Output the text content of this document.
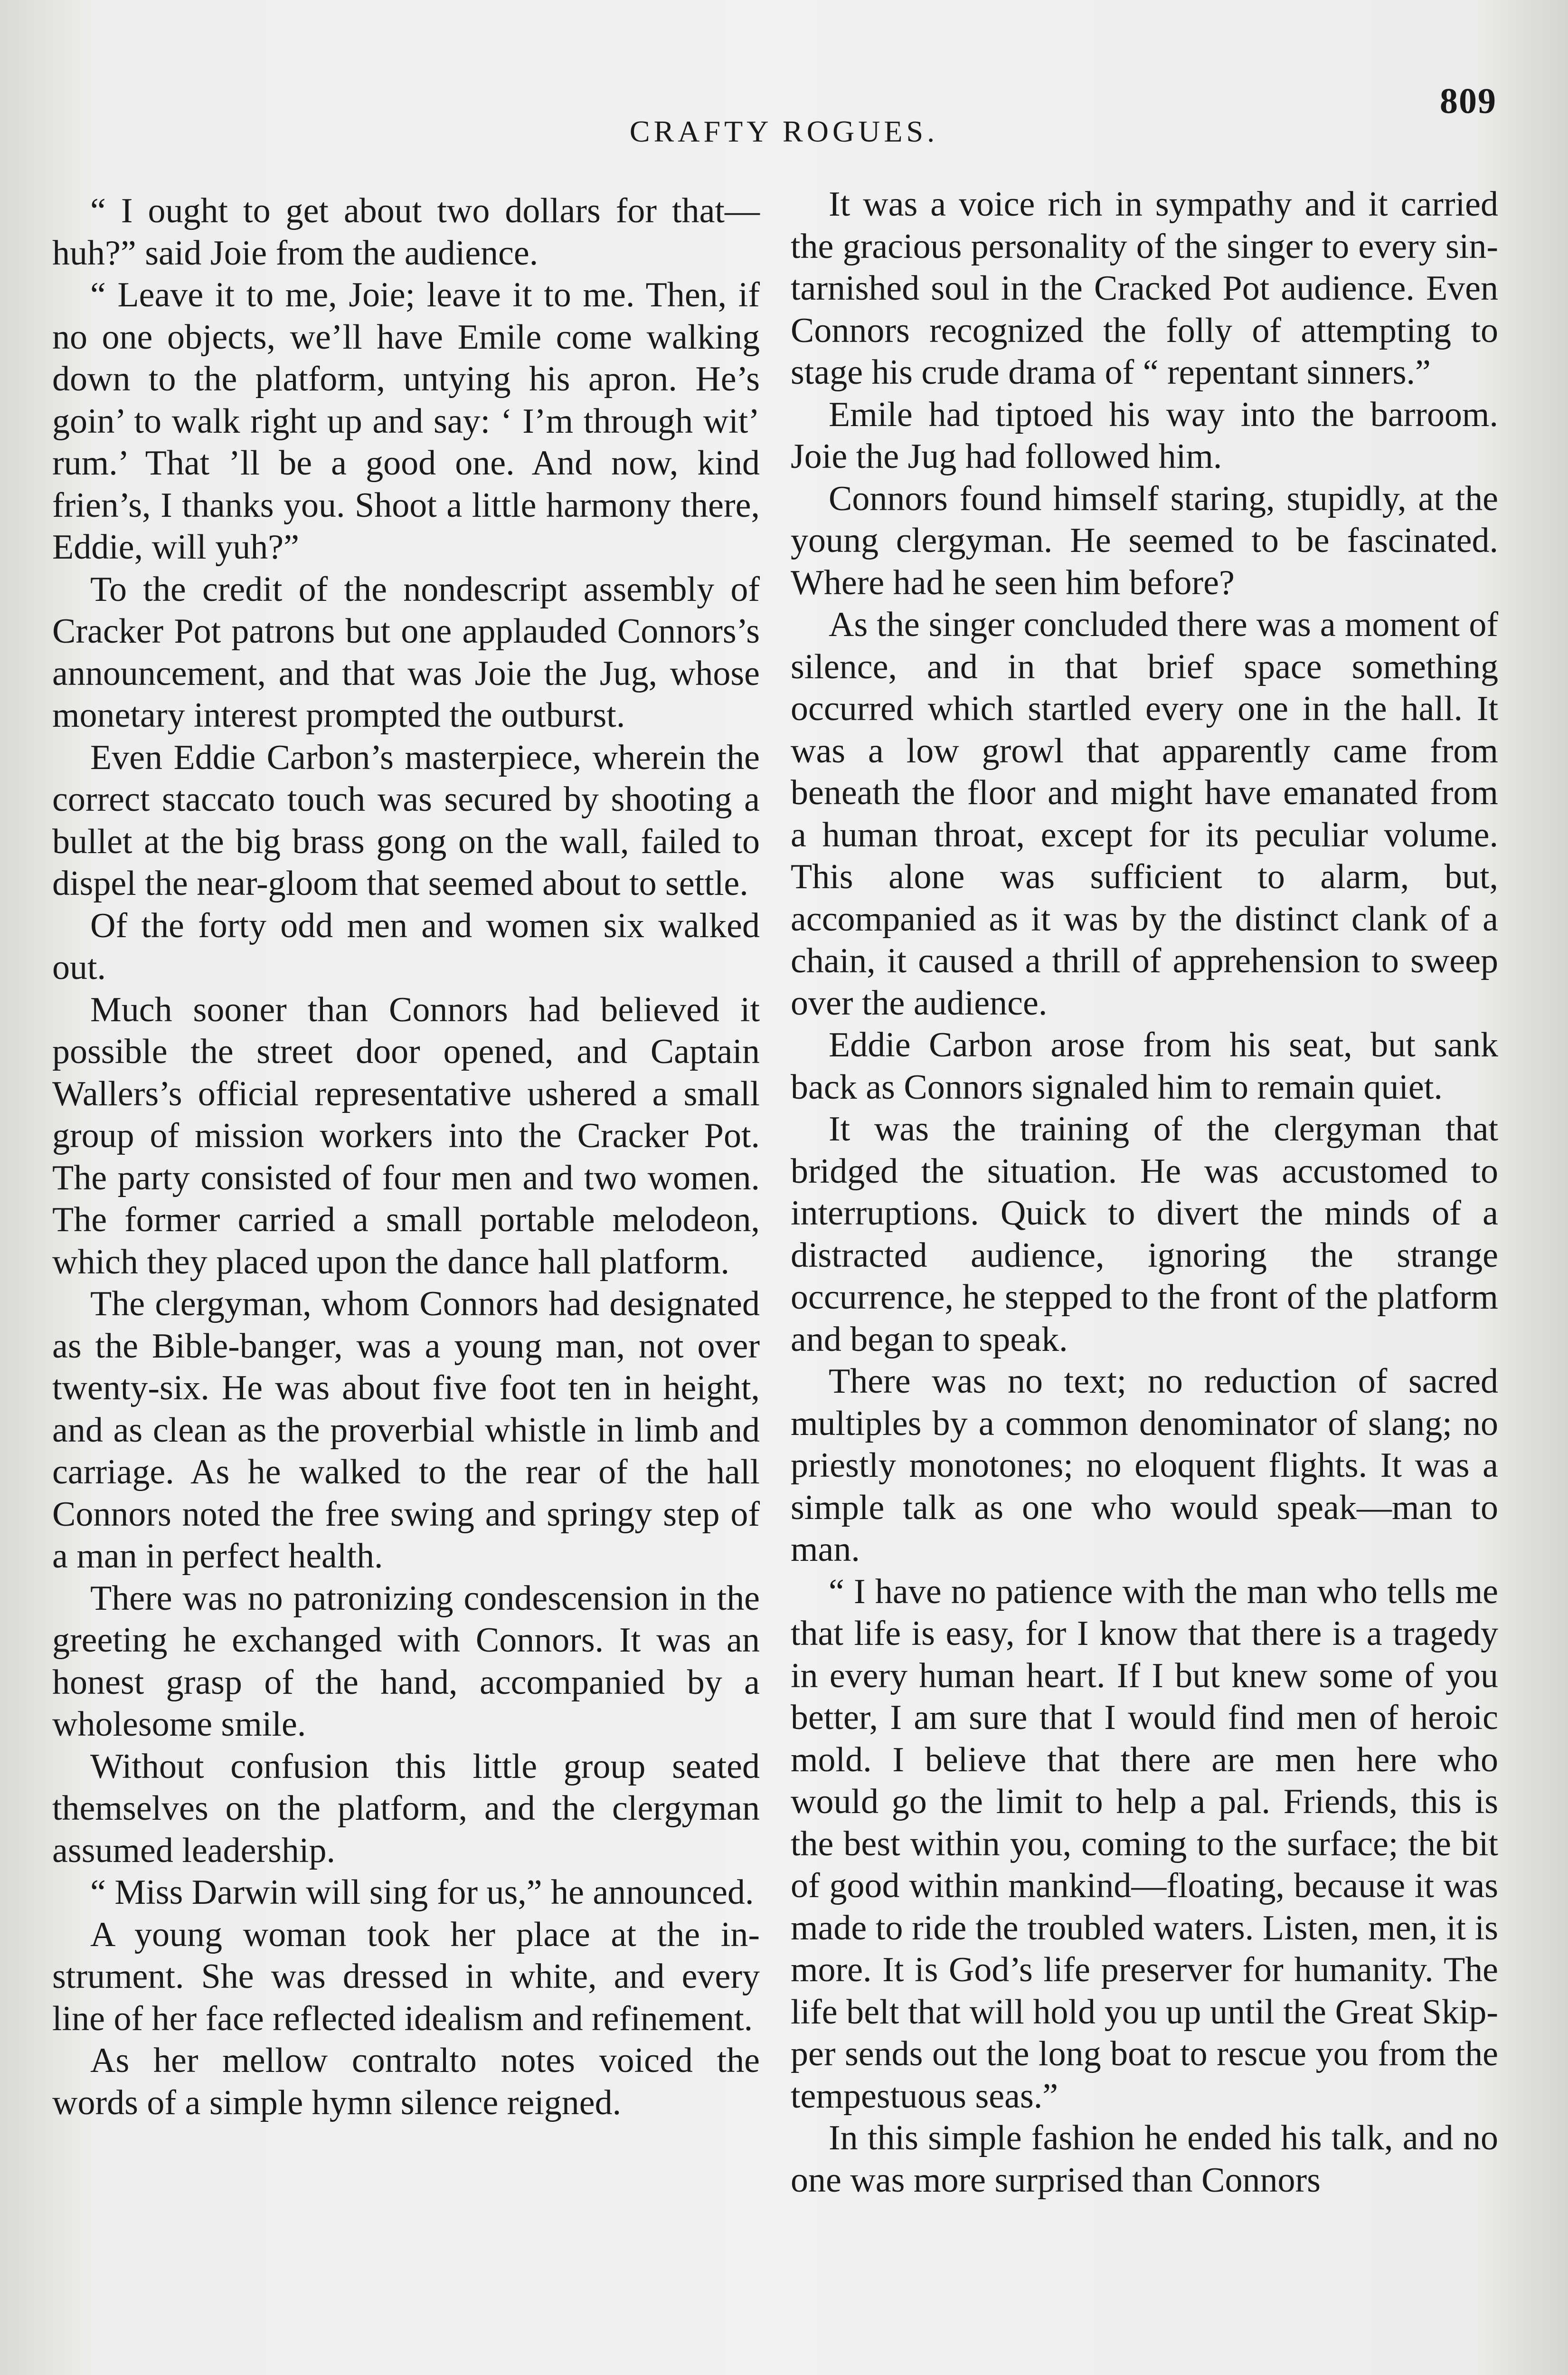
809
CRAFTY ROGUES.

“ I ought to get about two dollars for that—huh?” said Joie from the audience.

“ Leave it to me, Joie; leave it to me. Then, if no one objects, we’ll have Emile come walking down to the platform, untying his apron. He’s goin’ to walk right up and say: ‘ I’m through wit’ rum.’ That ’ll be a good one. And now, kind frien’s, I thanks you. Shoot a little harmony there, Eddie, will yuh?”

To the credit of the nondescript assembly of Cracker Pot patrons but one applauded Connors’s announcement, and that was Joie the Jug, whose monetary interest prompted the outburst.

Even Eddie Carbon’s masterpiece, wherein the correct staccato touch was secured by shooting a bullet at the big brass gong on the wall, failed to dispel the near-gloom that seemed about to settle.

Of the forty odd men and women six walked out.

Much sooner than Connors had believed it possible the street door opened, and Captain Wallers’s official representative ushered a small group of mission workers into the Cracker Pot. The party consisted of four men and two women. The former carried a small portable melodeon, which they placed upon the dance hall platform.

The clergyman, whom Connors had designated as the Bible-banger, was a young man, not over twenty-six. He was about five foot ten in height, and as clean as the proverbial whistle in limb and carriage. As he walked to the rear of the hall Connors noted the free swing and springy step of a man in perfect health.

There was no patronizing condescension in the greeting he exchanged with Connors. It was an honest grasp of the hand, accompanied by a wholesome smile.

Without confusion this little group seated themselves on the platform, and the clergyman assumed leadership.

“ Miss Darwin will sing for us,” he announced.

A young woman took her place at the instrument. She was dressed in white, and every line of her face reflected idealism and refinement.

As her mellow contralto notes voiced the words of a simple hymn silence reigned.

It was a voice rich in sympathy and it carried the gracious personality of the singer to every sin-tarnished soul in the Cracked Pot audience. Even Connors recognized the folly of attempting to stage his crude drama of “ repentant sinners.”

Emile had tiptoed his way into the barroom. Joie the Jug had followed him.

Connors found himself staring, stupidly, at the young clergyman. He seemed to be fascinated. Where had he seen him before?

As the singer concluded there was a moment of silence, and in that brief space something occurred which startled every one in the hall. It was a low growl that apparently came from beneath the floor and might have emanated from a human throat, except for its peculiar volume. This alone was sufficient to alarm, but, accompanied as it was by the distinct clank of a chain, it caused a thrill of apprehension to sweep over the audience.

Eddie Carbon arose from his seat, but sank back as Connors signaled him to remain quiet.

It was the training of the clergyman that bridged the situation. He was accustomed to interruptions. Quick to divert the minds of a distracted audience, ignoring the strange occurrence, he stepped to the front of the platform and began to speak.

There was no text; no reduction of sacred multiples by a common denominator of slang; no priestly monotones; no eloquent flights. It was a simple talk as one who would speak—man to man.

“ I have no patience with the man who tells me that life is easy, for I know that there is a tragedy in every human heart. If I but knew some of you better, I am sure that I would find men of heroic mold. I believe that there are men here who would go the limit to help a pal. Friends, this is the best within you, coming to the surface; the bit of good within mankind—floating, because it was made to ride the troubled waters. Listen, men, it is more. It is God’s life preserver for humanity. The life belt that will hold you up until the Great Skipper sends out the long boat to rescue you from the tempestuous seas.”

In this simple fashion he ended his talk, and no one was more surprised than Connors
